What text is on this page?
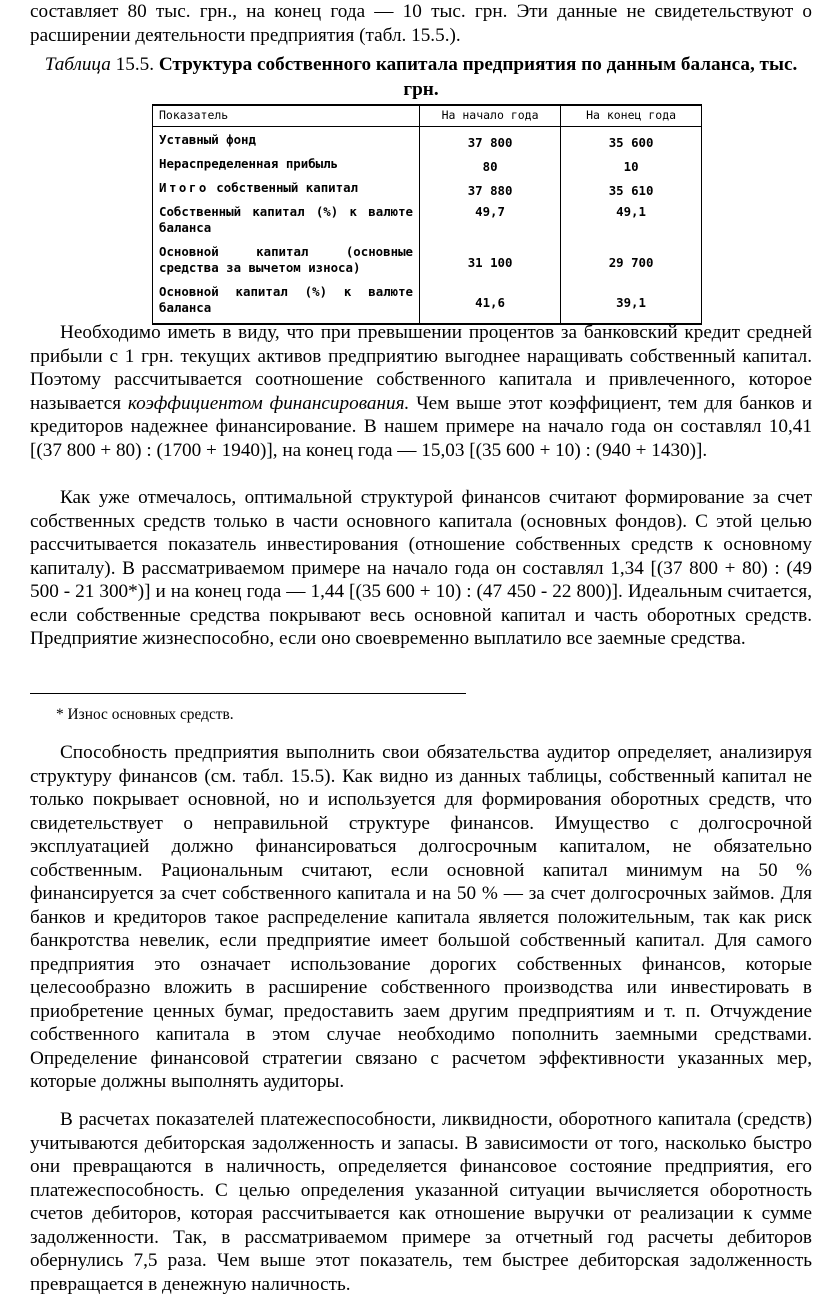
составляет 80 тыс. грн., на конец года — 10 тыс. грн. Эти данные не свидетельствуют о расширении деятельности предприятия (табл. 15.5.).

Таблица 15.5. Структура собственного капитала предприятия по данным баланса, тыс. грн.
Показатель	На начало года	На конец года
Уставный фонд	37 800	35 600
Нераспределенная прибыль	80	10
Итого собственный капитал	37 880	35 610
Собственный капитал (%) к валюте баланса	49,7	49,1
Основной капитал (основные средства за вычетом износа)	31 100	29 700
Основной капитал (%) к валюте баланса	41,6	39,1

Необходимо иметь в виду, что при превышении процентов за банковский кредит средней прибыли с 1 грн. текущих активов предприятию выгоднее наращивать собственный капитал. Поэтому рассчитывается соотношение собственного капитала и привлеченного, которое называется коэффициентом финансирования. Чем выше этот коэффициент, тем для банков и кредиторов надежнее финансирование. В нашем примере на начало года он составлял 10,41 [(37 800 + 80) : (1700 + 1940)], на конец года — 15,03 [(35 600 + 10) : (940 + 1430)].

Как уже отмечалось, оптимальной структурой финансов считают формирование за счет собственных средств только в части основного капитала (основных фондов). С этой целью рассчитывается показатель инвестирования (отношение собственных средств к основному капиталу). В рассматриваемом примере на начало года он составлял 1,34 [(37 800 + 80) : (49 500 - 21 300*)] и на конец года — 1,44 [(35 600 + 10) : (47 450 - 22 800)]. Идеальным считается, если собственные средства покрывают весь основной капитал и часть оборотных средств. Предприятие жизнеспособно, если оно своевременно выплатило все заемные средства.

* Износ основных средств.

Способность предприятия выполнить свои обязательства аудитор определяет, анализируя структуру финансов (см. табл. 15.5). Как видно из данных таблицы, собственный капитал не только покрывает основной, но и используется для формирования оборотных средств, что свидетельствует о неправильной структуре финансов. Имущество с долгосрочной эксплуатацией должно финансироваться долгосрочным капиталом, не обязательно собственным. Рациональным считают, если основной капитал минимум на 50 % финансируется за счет собственного капитала и на 50 % — за счет долгосрочных займов. Для банков и кредиторов такое распределение капитала является положительным, так как риск банкротства невелик, если предприятие имеет большой собственный капитал. Для самого предприятия это означает использование дорогих собственных финансов, которые целесообразно вложить в расширение собственного производства или инвестировать в приобретение ценных бумаг, предоставить заем другим предприятиям и т. п. Отчуждение собственного капитала в этом случае необходимо пополнить заемными средствами. Определение финансовой стратегии связано с расчетом эффективности указанных мер, которые должны выполнять аудиторы.

В расчетах показателей платежеспособности, ликвидности, оборотного капитала (средств) учитываются дебиторская задолженность и запасы. В зависимости от того, насколько быстро они превращаются в наличность, определяется финансовое состояние предприятия, его платежеспособность. С целью определения указанной ситуации вычисляется оборотность счетов дебиторов, которая рассчитывается как отношение выручки от реализации к сумме задолженности. Так, в рассматриваемом примере за отчетный год расчеты дебиторов обернулись 7,5 раза. Чем выше этот показатель, тем быстрее дебиторская задолженность превращается в денежную наличность.
